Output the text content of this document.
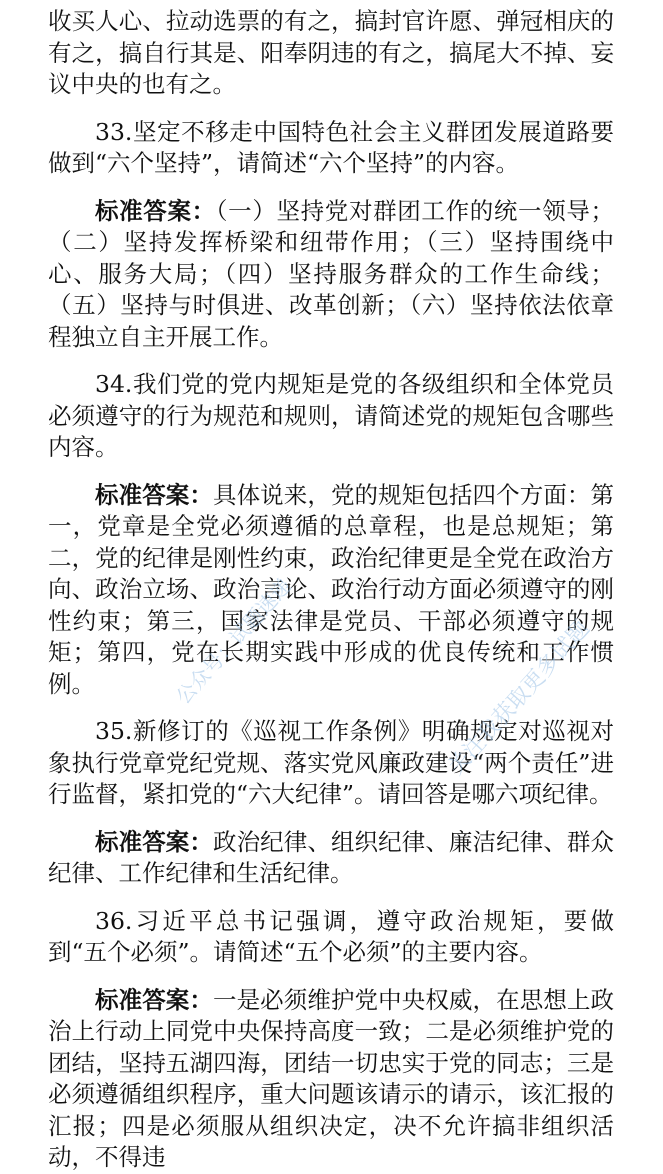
收买人心、拉动选票的有之，搞封官许愿、弹冠相庆的有之，搞自行其是、阳奉阴违的有之，搞尾大不掉、妄议中央的也有之。

33.坚定不移走中国特色社会主义群团发展道路要做到“六个坚持”，请简述“六个坚持”的内容。

标准答案：（一）坚持党对群团工作的统一领导；（二）坚持发挥桥梁和纽带作用；（三）坚持围绕中心、服务大局；（四）坚持服务群众的工作生命线；（五）坚持与时俱进、改革创新；（六）坚持依法依章程独立自主开展工作。

34.我们党的党内规矩是党的各级组织和全体党员必须遵守的行为规范和规则，请简述党的规矩包含哪些内容。

标准答案：具体说来，党的规矩包括四个方面：第一，党章是全党必须遵循的总章程，也是总规矩；第二，党的纪律是刚性约束，政治纪律更是全党在政治方向、政治立场、政治言论、政治行动方面必须遵守的刚性约束；第三，国家法律是党员、干部必须遵守的规矩；第四，党在长期实践中形成的优良传统和工作惯例。

35.新修订的《巡视工作条例》明确规定对巡视对象执行党章党纪党规、落实党风廉政建设“两个责任”进行监督，紧扣党的“六大纪律”。请回答是哪六项纪律。

标准答案：政治纪律、组织纪律、廉洁纪律、群众纪律、工作纪律和生活纪律。

36.习近平总书记强调，遵守政治规矩，要做到“五个必须”。请简述“五个必须”的主要内容。

标准答案：一是必须维护党中央权威，在思想上政治上行动上同党中央保持高度一致；二是必须维护党的团结，坚持五湖四海，团结一切忠实于党的同志；三是必须遵循组织程序，重大问题该请示的请示，该汇报的汇报；四是必须服从组织决定，决不允许搞非组织活动，不得违

公众号：试题速递	关注我获取更多试题
